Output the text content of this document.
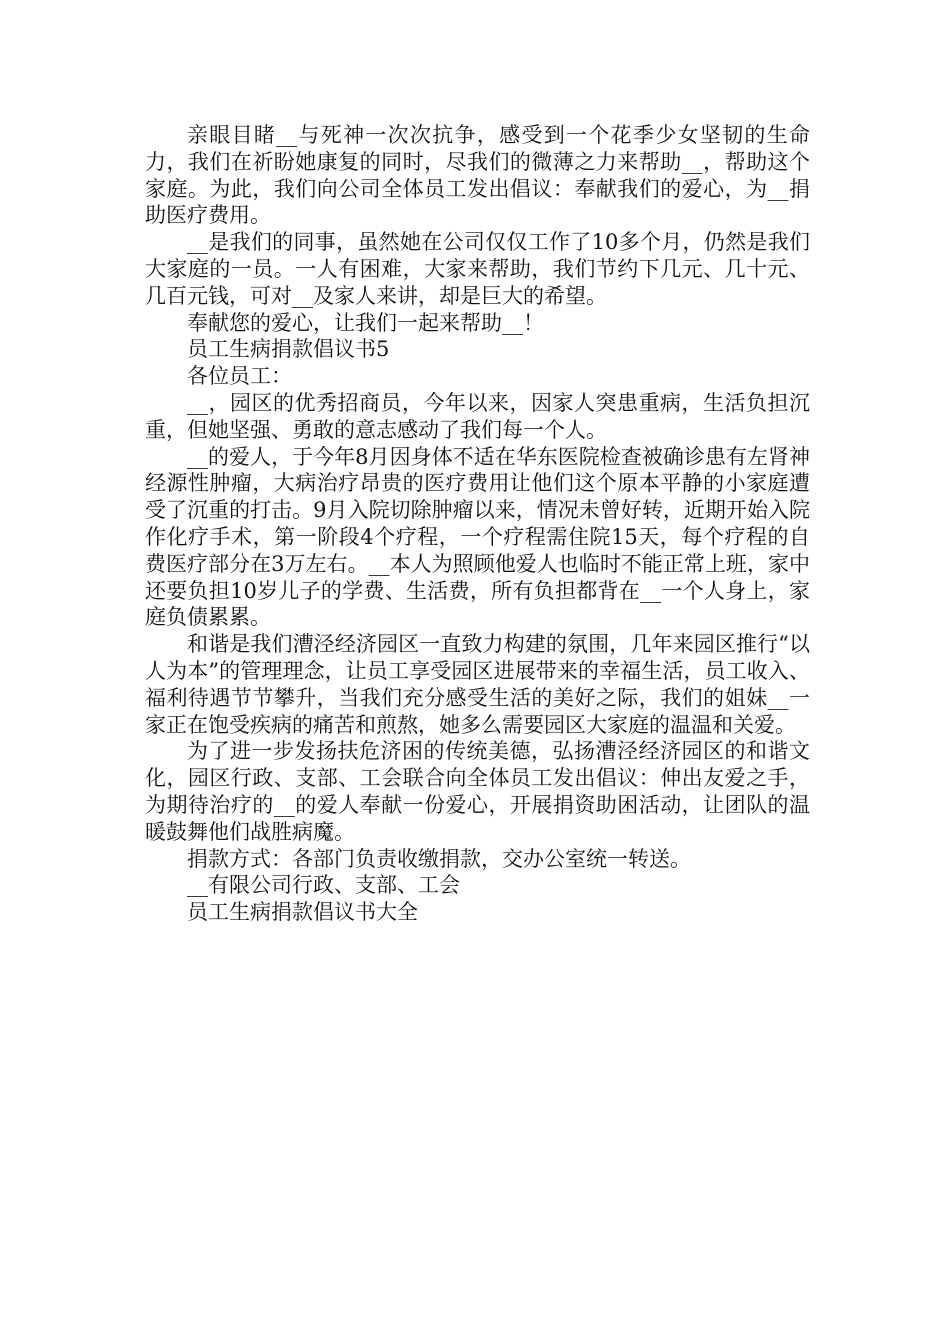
亲眼目睹__与死神一次次抗争，感受到一个花季少女坚韧的生命力，我们在祈盼她康复的同时，尽我们的微薄之力来帮助__，帮助这个家庭。为此，我们向公司全体员工发出倡议：奉献我们的爱心，为__捐助医疗费用。

__是我们的同事，虽然她在公司仅仅工作了10多个月，仍然是我们大家庭的一员。一人有困难，大家来帮助，我们节约下几元、几十元、几百元钱，可对__及家人来讲，却是巨大的希望。

奉献您的爱心，让我们一起来帮助__！

员工生病捐款倡议书5

各位员工：

__，园区的优秀招商员，今年以来，因家人突患重病，生活负担沉重，但她坚强、勇敢的意志感动了我们每一个人。

__的爱人，于今年8月因身体不适在华东医院检查被确诊患有左肾神经源性肿瘤，大病治疗昂贵的医疗费用让他们这个原本平静的小家庭遭受了沉重的打击。9月入院切除肿瘤以来，情况未曾好转，近期开始入院作化疗手术，第一阶段4个疗程，一个疗程需住院15天，每个疗程的自费医疗部分在3万左右。__本人为照顾他爱人也临时不能正常上班，家中还要负担10岁儿子的学费、生活费，所有负担都背在__一个人身上，家庭负债累累。

和谐是我们漕泾经济园区一直致力构建的氛围，几年来园区推行“以人为本”的管理理念，让员工享受园区进展带来的幸福生活，员工收入、福利待遇节节攀升，当我们充分感受生活的美好之际，我们的姐妹__一家正在饱受疾病的痛苦和煎熬，她多么需要园区大家庭的温温和关爱。

为了进一步发扬扶危济困的传统美德，弘扬漕泾经济园区的和谐文化，园区行政、支部、工会联合向全体员工发出倡议：伸出友爱之手，为期待治疗的__的爱人奉献一份爱心，开展捐资助困活动，让团队的温暖鼓舞他们战胜病魔。

捐款方式：各部门负责收缴捐款，交办公室统一转送。

__有限公司行政、支部、工会

员工生病捐款倡议书大全
